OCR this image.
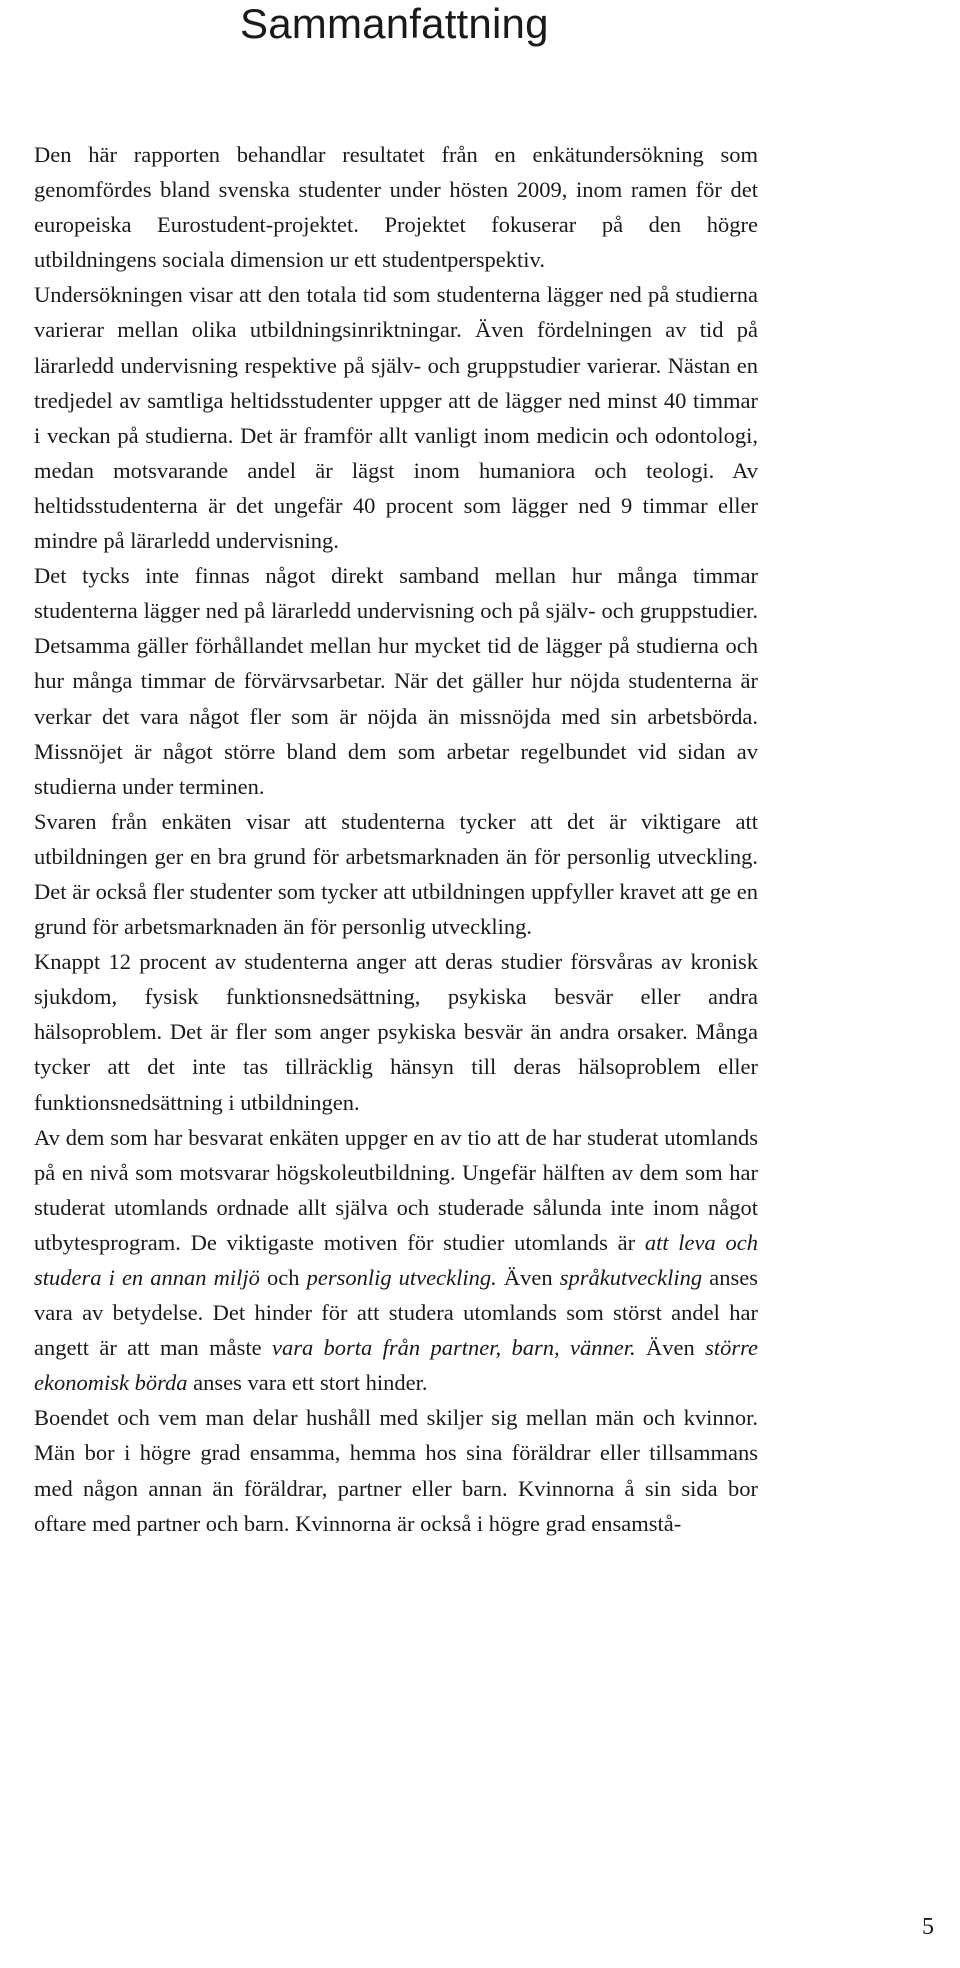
Sammanfattning

Den här rapporten behandlar resultatet från en enkätundersökning som genomfördes bland svenska studenter under hösten 2009, inom ramen för det europeiska Eurostudent-projektet. Projektet fokuserar på den högre utbildningens sociala dimension ur ett studentperspektiv.

Undersökningen visar att den totala tid som studenterna lägger ned på studierna varierar mellan olika utbildningsinriktningar. Även fördelningen av tid på lärarledd undervisning respektive på själv- och gruppstudier varierar. Nästan en tredjedel av samtliga heltidsstudenter uppger att de lägger ned minst 40 timmar i veckan på studierna. Det är framför allt vanligt inom medicin och odontologi, medan motsvarande andel är lägst inom humaniora och teologi. Av heltidsstudenterna är det ungefär 40 procent som lägger ned 9 timmar eller mindre på lärarledd undervisning.

Det tycks inte finnas något direkt samband mellan hur många timmar studenterna lägger ned på lärarledd undervisning och på själv- och gruppstudier. Detsamma gäller förhållandet mellan hur mycket tid de lägger på studierna och hur många timmar de förvärvsarbetar. När det gäller hur nöjda studenterna är verkar det vara något fler som är nöjda än missnöjda med sin arbetsbörda. Missnöjet är något större bland dem som arbetar regelbundet vid sidan av studierna under terminen.

Svaren från enkäten visar att studenterna tycker att det är viktigare att utbildningen ger en bra grund för arbetsmarknaden än för personlig utveckling. Det är också fler studenter som tycker att utbildningen uppfyller kravet att ge en grund för arbetsmarknaden än för personlig utveckling.

Knappt 12 procent av studenterna anger att deras studier försvåras av kronisk sjukdom, fysisk funktionsnedsättning, psykiska besvär eller andra hälsoproblem. Det är fler som anger psykiska besvär än andra orsaker. Många tycker att det inte tas tillräcklig hänsyn till deras hälsoproblem eller funktionsnedsättning i utbildningen.

Av dem som har besvarat enkäten uppger en av tio att de har studerat utomlands på en nivå som motsvarar högskoleutbildning. Ungefär hälften av dem som har studerat utomlands ordnade allt själva och studerade sålunda inte inom något utbytesprogram. De viktigaste motiven för studier utomlands är att leva och studera i en annan miljö och personlig utveckling. Även språkutveckling anses vara av betydelse. Det hinder för att studera utomlands som störst andel har angett är att man måste vara borta från partner, barn, vänner. Även större ekonomisk börda anses vara ett stort hinder.

Boendet och vem man delar hushåll med skiljer sig mellan män och kvinnor. Män bor i högre grad ensamma, hemma hos sina föräldrar eller tillsammans med någon annan än föräldrar, partner eller barn. Kvinnorna å sin sida bor oftare med partner och barn. Kvinnorna är också i högre grad ensamstå-

5
